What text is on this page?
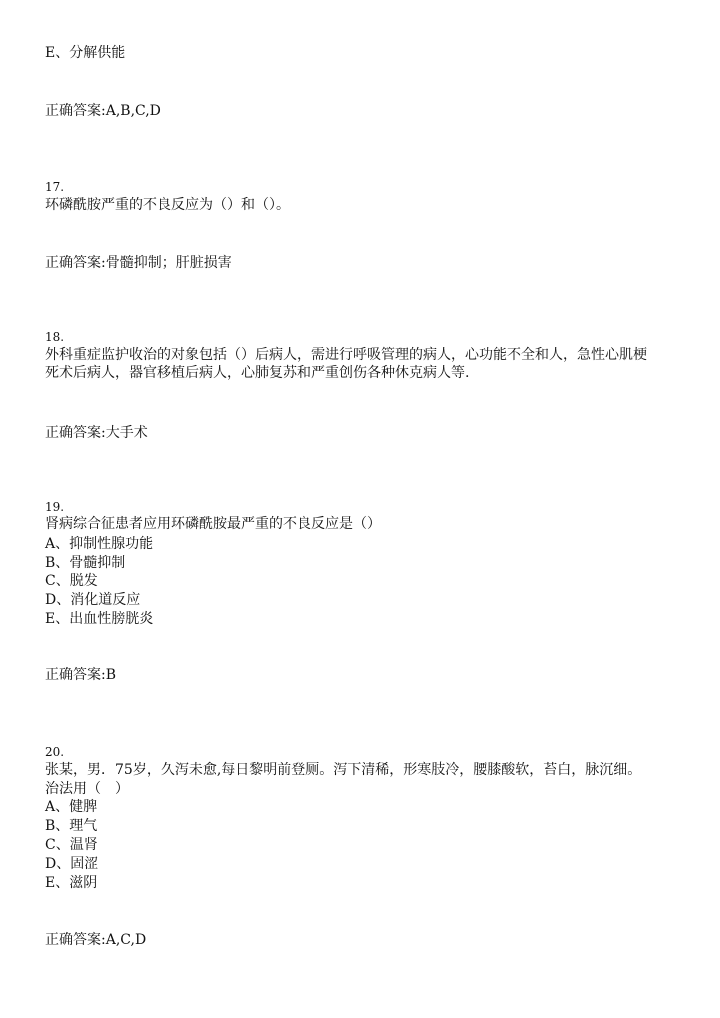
E、分解供能
正确答案:A,B,C,D
17.
环磷酰胺严重的不良反应为（）和（）。
正确答案:骨髓抑制；肝脏损害
18.
外科重症监护收治的对象包括（）后病人，需进行呼吸管理的病人，心功能不全和人，急性心肌梗
死术后病人，器官移植后病人，心肺复苏和严重创伤各种休克病人等.
正确答案:大手术
19.
肾病综合征患者应用环磷酰胺最严重的不良反应是（）
A、抑制性腺功能
B、骨髓抑制
C、脱发
D、消化道反应
E、出血性膀胱炎
正确答案:B
20.
张某，男．75岁，久泻未愈,每日黎明前登厕。泻下清稀，形寒肢冷，腰膝酸软，苔白，脉沉细。
治法用（　）
A、健脾
B、理气
C、温肾
D、固涩
E、滋阴
正确答案:A,C,D
